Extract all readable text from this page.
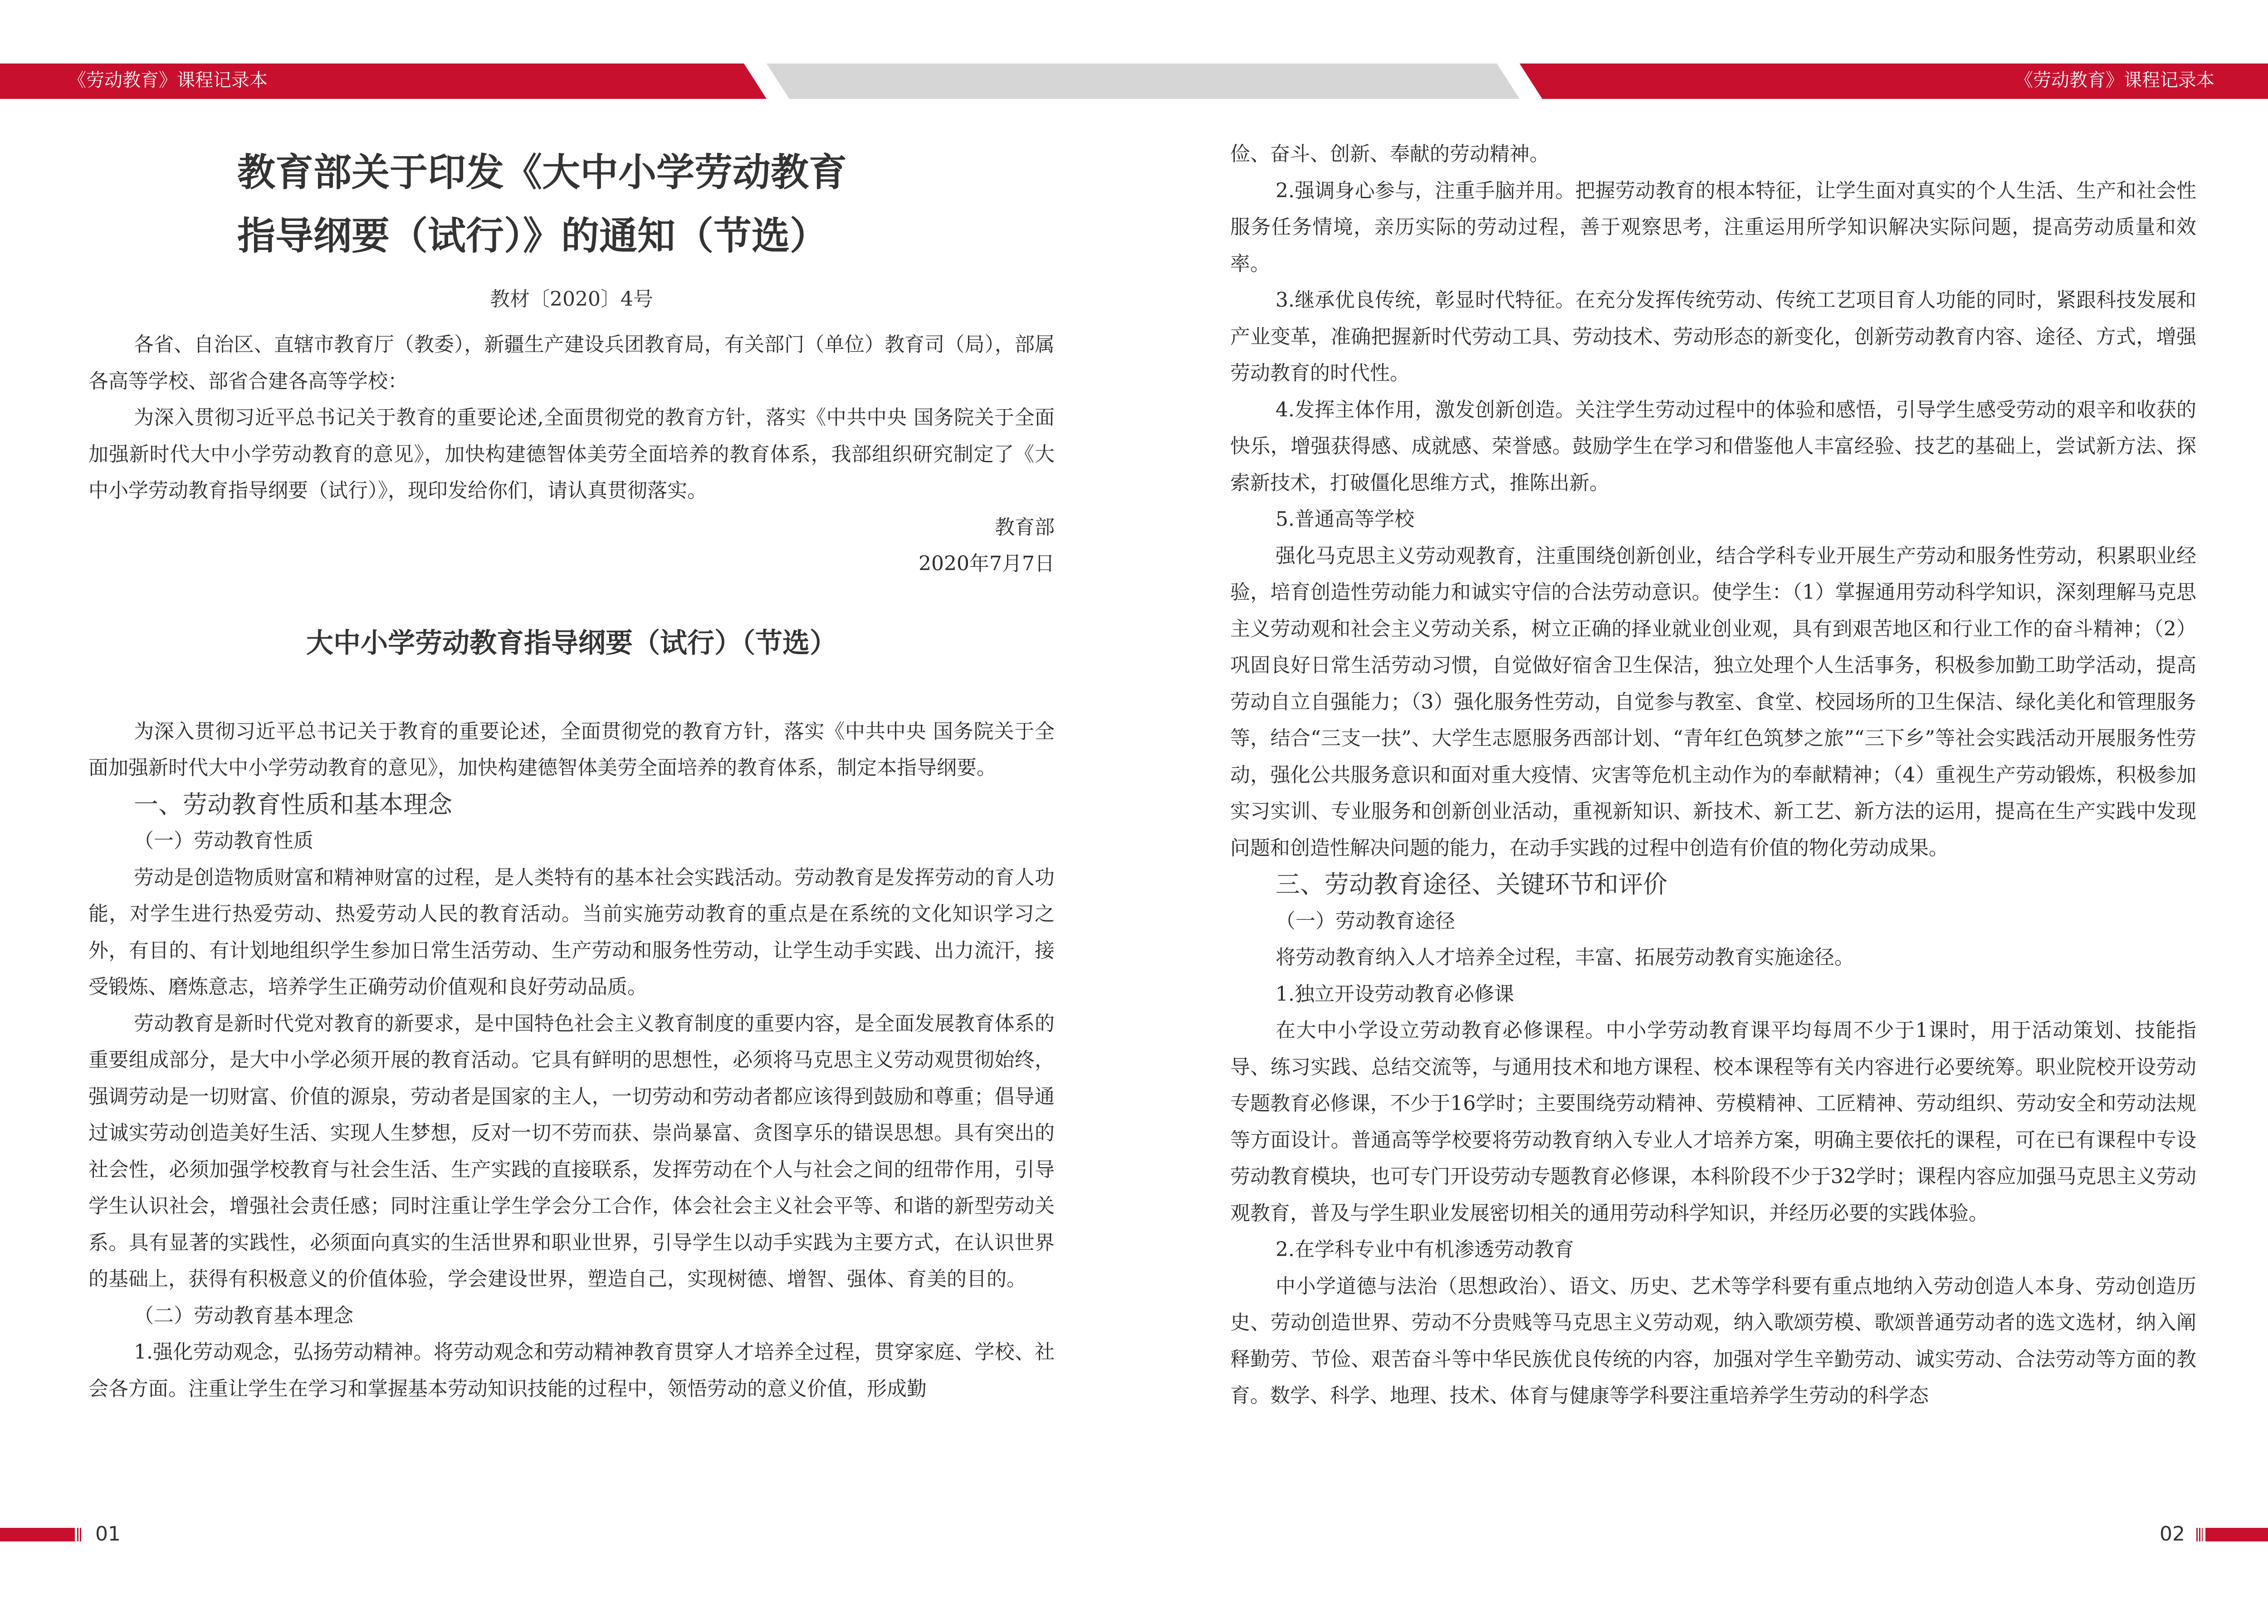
《劳动教育》课程记录本	《劳动教育》课程记录本
教育部关于印发《大中小学劳动教育
指导纲要（试行）》的通知（节选）
教材〔2020〕4号

各省、自治区、直辖市教育厅（教委），新疆生产建设兵团教育局，有关部门（单位）教育司（局），部属各高等学校、部省合建各高等学校：

为深入贯彻习近平总书记关于教育的重要论述,全面贯彻党的教育方针，落实《中共中央 国务院关于全面加强新时代大中小学劳动教育的意见》，加快构建德智体美劳全面培养的教育体系，我部组织研究制定了《大中小学劳动教育指导纲要（试行）》，现印发给你们，请认真贯彻落实。

教育部
2020年7月7日
大中小学劳动教育指导纲要（试行）（节选）

为深入贯彻习近平总书记关于教育的重要论述，全面贯彻党的教育方针，落实《中共中央 国务院关于全面加强新时代大中小学劳动教育的意见》，加快构建德智体美劳全面培养的教育体系，制定本指导纲要。

一、劳动教育性质和基本理念

（一）劳动教育性质

劳动是创造物质财富和精神财富的过程，是人类特有的基本社会实践活动。劳动教育是发挥劳动的育人功能，对学生进行热爱劳动、热爱劳动人民的教育活动。当前实施劳动教育的重点是在系统的文化知识学习之外，有目的、有计划地组织学生参加日常生活劳动、生产劳动和服务性劳动，让学生动手实践、出力流汗，接受锻炼、磨炼意志，培养学生正确劳动价值观和良好劳动品质。

劳动教育是新时代党对教育的新要求，是中国特色社会主义教育制度的重要内容，是全面发展教育体系的重要组成部分，是大中小学必须开展的教育活动。它具有鲜明的思想性，必须将马克思主义劳动观贯彻始终，强调劳动是一切财富、价值的源泉，劳动者是国家的主人，一切劳动和劳动者都应该得到鼓励和尊重；倡导通过诚实劳动创造美好生活、实现人生梦想，反对一切不劳而获、崇尚暴富、贪图享乐的错误思想。具有突出的社会性，必须加强学校教育与社会生活、生产实践的直接联系，发挥劳动在个人与社会之间的纽带作用，引导学生认识社会，增强社会责任感；同时注重让学生学会分工合作，体会社会主义社会平等、和谐的新型劳动关系。具有显著的实践性，必须面向真实的生活世界和职业世界，引导学生以动手实践为主要方式，在认识世界的基础上，获得有积极意义的价值体验，学会建设世界，塑造自己，实现树德、增智、强体、育美的目的。

（二）劳动教育基本理念

1.强化劳动观念，弘扬劳动精神。将劳动观念和劳动精神教育贯穿人才培养全过程，贯穿家庭、学校、社会各方面。注重让学生在学习和掌握基本劳动知识技能的过程中，领悟劳动的意义价值，形成勤

俭、奋斗、创新、奉献的劳动精神。

2.强调身心参与，注重手脑并用。把握劳动教育的根本特征，让学生面对真实的个人生活、生产和社会性服务任务情境，亲历实际的劳动过程，善于观察思考，注重运用所学知识解决实际问题，提高劳动质量和效率。

3.继承优良传统，彰显时代特征。在充分发挥传统劳动、传统工艺项目育人功能的同时，紧跟科技发展和产业变革，准确把握新时代劳动工具、劳动技术、劳动形态的新变化，创新劳动教育内容、途径、方式，增强劳动教育的时代性。

4.发挥主体作用，激发创新创造。关注学生劳动过程中的体验和感悟，引导学生感受劳动的艰辛和收获的快乐，增强获得感、成就感、荣誉感。鼓励学生在学习和借鉴他人丰富经验、技艺的基础上，尝试新方法、探索新技术，打破僵化思维方式，推陈出新。

5.普通高等学校

强化马克思主义劳动观教育，注重围绕创新创业，结合学科专业开展生产劳动和服务性劳动，积累职业经验，培育创造性劳动能力和诚实守信的合法劳动意识。使学生：（1）掌握通用劳动科学知识，深刻理解马克思主义劳动观和社会主义劳动关系，树立正确的择业就业创业观，具有到艰苦地区和行业工作的奋斗精神；（2）巩固良好日常生活劳动习惯，自觉做好宿舍卫生保洁，独立处理个人生活事务，积极参加勤工助学活动，提高劳动自立自强能力；（3）强化服务性劳动，自觉参与教室、食堂、校园场所的卫生保洁、绿化美化和管理服务等，结合“三支一扶”、大学生志愿服务西部计划、“青年红色筑梦之旅”“三下乡”等社会实践活动开展服务性劳动，强化公共服务意识和面对重大疫情、灾害等危机主动作为的奉献精神；（4）重视生产劳动锻炼，积极参加实习实训、专业服务和创新创业活动，重视新知识、新技术、新工艺、新方法的运用，提高在生产实践中发现问题和创造性解决问题的能力，在动手实践的过程中创造有价值的物化劳动成果。

三、劳动教育途径、关键环节和评价

（一）劳动教育途径

将劳动教育纳入人才培养全过程，丰富、拓展劳动教育实施途径。

1.独立开设劳动教育必修课

在大中小学设立劳动教育必修课程。中小学劳动教育课平均每周不少于1课时，用于活动策划、技能指导、练习实践、总结交流等，与通用技术和地方课程、校本课程等有关内容进行必要统筹。职业院校开设劳动专题教育必修课，不少于16学时；主要围绕劳动精神、劳模精神、工匠精神、劳动组织、劳动安全和劳动法规等方面设计。普通高等学校要将劳动教育纳入专业人才培养方案，明确主要依托的课程，可在已有课程中专设劳动教育模块，也可专门开设劳动专题教育必修课，本科阶段不少于32学时；课程内容应加强马克思主义劳动观教育，普及与学生职业发展密切相关的通用劳动科学知识，并经历必要的实践体验。

2.在学科专业中有机渗透劳动教育

中小学道德与法治（思想政治）、语文、历史、艺术等学科要有重点地纳入劳动创造人本身、劳动创造历史、劳动创造世界、劳动不分贵贱等马克思主义劳动观，纳入歌颂劳模、歌颂普通劳动者的选文选材，纳入阐释勤劳、节俭、艰苦奋斗等中华民族优良传统的内容，加强对学生辛勤劳动、诚实劳动、合法劳动等方面的教育。数学、科学、地理、技术、体育与健康等学科要注重培养学生劳动的科学态

01	02
